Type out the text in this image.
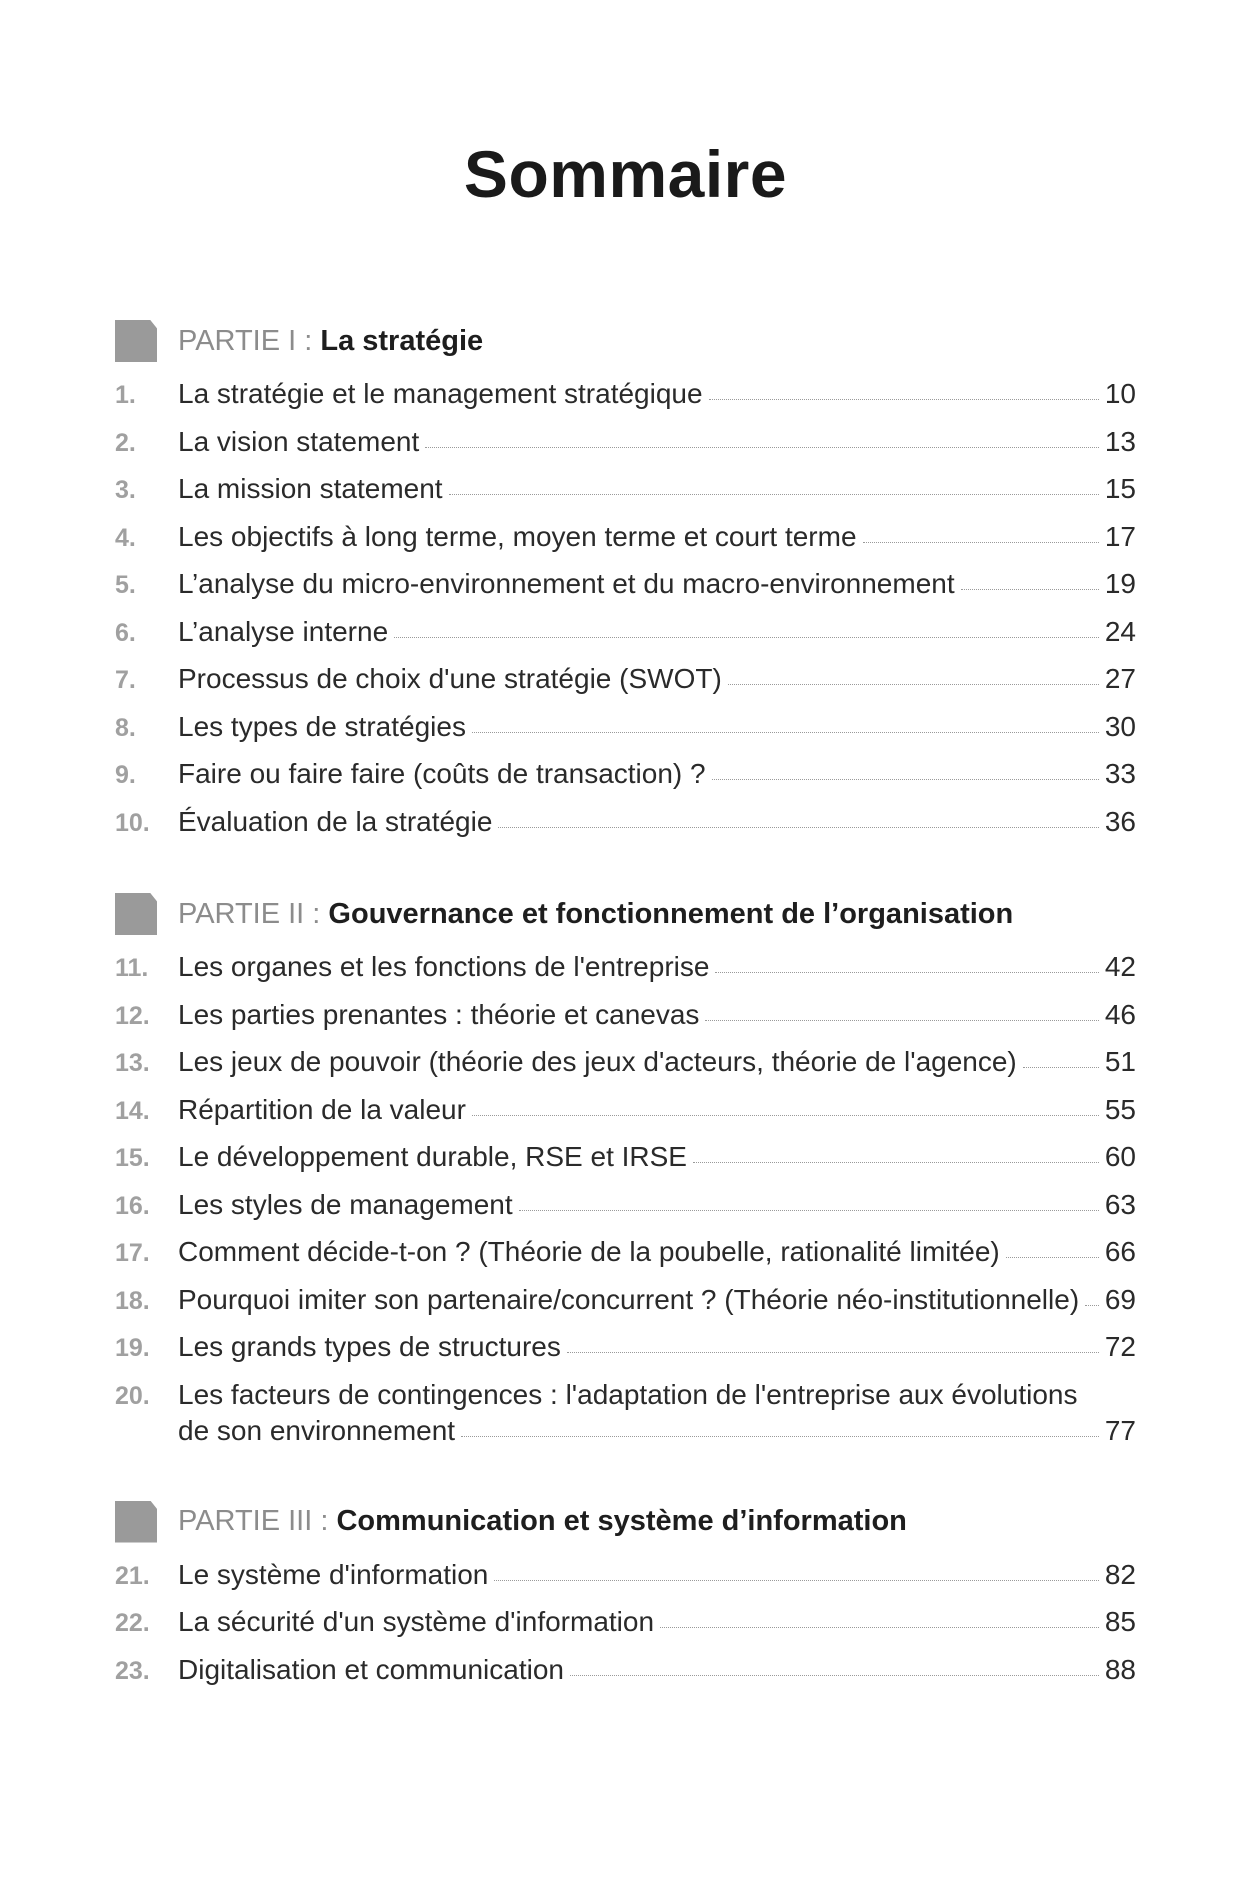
Sommaire
PARTIE I : La stratégie
1.	La stratégie et le management stratégique	10
2.	La vision statement	13
3.	La mission statement	15
4.	Les objectifs à long terme, moyen terme et court terme	17
5.	L’analyse du micro-environnement et du macro-environnement	19
6.	L’analyse interne	24
7.	Processus de choix d'une stratégie (SWOT)	27
8.	Les types de stratégies	30
9.	Faire ou faire faire (coûts de transaction) ?	33
10.	Évaluation de la stratégie	36
PARTIE II : Gouvernance et fonctionnement de l’organisation
11.	Les organes et les fonctions de l'entreprise	42
12.	Les parties prenantes : théorie et canevas	46
13.	Les jeux de pouvoir (théorie des jeux d'acteurs, théorie de l'agence)	51
14.	Répartition de la valeur	55
15.	Le développement durable, RSE et IRSE	60
16.	Les styles de management	63
17.	Comment décide-t-on ? (Théorie de la poubelle, rationalité limitée)	66
18.	Pourquoi imiter son partenaire/concurrent ? (Théorie néo-institutionnelle) 69
19.	Les grands types de structures	72
20.	Les facteurs de contingences : l'adaptation de l'entreprise aux évolutions
de son environnement	77
PARTIE III : Communication et système d’information
21.	Le système d'information	82
22.	La sécurité d'un système d'information	85
23.	Digitalisation et communication	88
